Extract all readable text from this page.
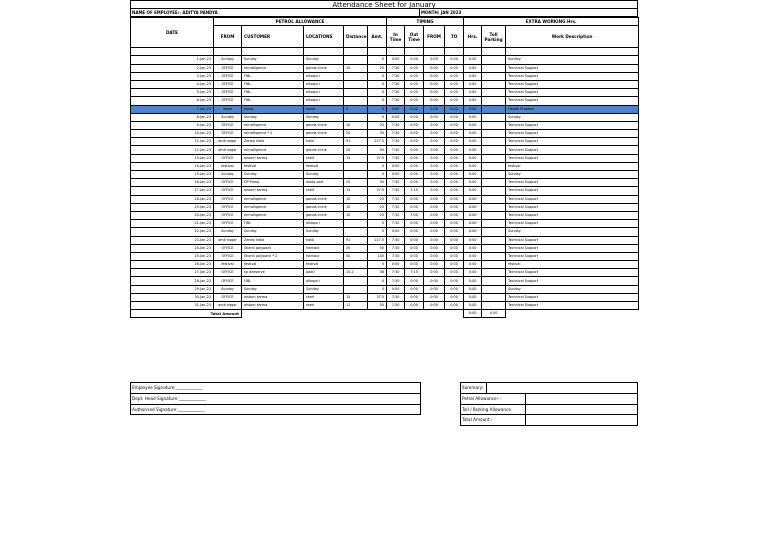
Attendance Sheet for January
NAME OF EMPLOYEE:- ADITYA PANDYA	MONTH: JAN 2023
DATE	PETROL ALLOWANCE					TIMING				EXTRA WORKING Hrs.		
	FROM	CUSTOMER	LOCATIONS	Distance	Amt.	In Time	Out Time	FROM	TO	Hrs.	Toll Parking	Work Description

1-Jan-23	Sunday	Sunday	Sunday		0	0:00	0:00	0:00	0:00	0:00		Sunday
2-Jan-23	OFFICE	mirraIligence	ganda circle	10	25	7:30	0:00	0:00	0:00	0:00		Technical Support
3-Jan-23	OFFICE	FIBL	alkapuri		0	7:30	0:00	0:00	0:00	0:00		Technical Support
4-Jan-23	OFFICE	FIBL	alkapuri		0	7:30	0:00	0:00	0:00	0:00		Technical Support
5-Jan-23	OFFICE	FIBL	alkapuri		0	7:30	0:00	0:00	0:00	0:00		Technical Support
6-Jan-23	OFFICE	FIBL	alkapuri		0	7:30	0:00	0:00	0:00	0:00		Technical Support
7-Jan-23	leave	leave	leave	0	0	0:00	0:00	0:00	0:00	0:00		Health Problem
8-Jan-23	Sunday	Sunday	Sunday		0	0:00	0:00	0:00	0:00	0:00		Sunday
9-Jan-23	OFFICE	mirraIligence	ganda circle	10	25	7:30	0:00	0:00	0:00	0:00		Technical Support
10-Jan-23	OFFICE	mirraIligence * 2	ganda circle	20	50	7:30	0:00	0:00	0:00	0:00		Technical Support
11-Jan-23	amit nagar	Zenep India	halol	91	227.5	7:30	0:00	0:00	0:00	0:00		Technical Support
12-Jan-23	amit nagar	mirraIligence	ganda circle	20	50	7:30	0:00	0:00	0:00	0:00		Technical Support
13-Jan-23	OFFICE	alstom karma	sherl	15	37.5	7:30	0:00	0:00	0:00	0:00		Technical Support
14-Jan-23	festival	festival	festival		0	0:00	0:00	0:00	0:00	0:00		festival
15-Jan-23	Sunday	Sunday	Sunday		0	0:00	0:00	0:00	0:00	0:00		Sunday
16-Jan-23	OFFICE	DP Pump	akota port	20	50	7:30	0:00	0:00	0:00	0:00		Technical Support
17-Jan-23	OFFICE	alstom karma	sherl	15	37.5	7:30	7:15	0:00	0:00	0:00		Technical Support
18-Jan-23	OFFICE	mirraIligence	ganda circle	10	25	7:30	0:00	0:00	0:00	0:00		Technical Support
19-Jan-23	OFFICE	mirraIligence	ganda circle	10	25	7:30	0:00	0:00	0:00	0:00		Technical Support
20-Jan-23	OFFICE	mirraIligence	ganda circle	10	25	7:30	7:00	0:00	0:00	0:00		Technical Support
21-Jan-23	OFFICE	FIBL	alkapuri		0	7:30	0:00	0:00	0:00	0:00		Technical Support
22-Jan-23	Sunday	Sunday	Sunday		0	0:00	0:00	0:00	0:00	0:00		Sunday
23-Jan-23	amit nagar	Zenep India	halol	91	227.5	7:30	0:00	0:00	0:00	0:00		Technical Support
24-Jan-23	OFFICE	Shanti polypack	Harnaur	20	50	7:30	0:00	0:00	0:00	0:00		Technical Support
25-Jan-23	OFFICE	Shanti polypack * 2	Harnaur	40	100	7:30	0:00	0:00	0:00	0:00		Technical Support
26-Jan-23	festival	festival	festival		0	0:00	0:00	0:00	0:00	0:00		festival
27-Jan-23	OFFICE	sp aireserve	padri	15.2	38	7:30	7:15	0:00	0:00	0:00		Technical Support
28-Jan-23	OFFICE	FIBL	alkapuri		0	7:30	0:00	0:00	0:00	0:00		Technical Support
29-Jan-23	Sunday	Sunday	Sunday		0	0:00	0:00	0:00	0:00	0:00		Sunday
30-Jan-23	OFFICE	alstom karma	sherl	15	37.5	7:30	0:00	0:00	0:00	0:00		Technical Support
31-Jan-23	amit nagar	alstom karma	sherl	11	55	7:30	0:00	0:00	0:00	0:00		Technical Support
Total Amount										0:00	0.00	
Employee Signature:_____________
Dept. Head Signature:_____________
Authorised Signature:_____________
Summary:
Petrol Allowance:-
Toll / Parking Allowance
Total Amount:-
